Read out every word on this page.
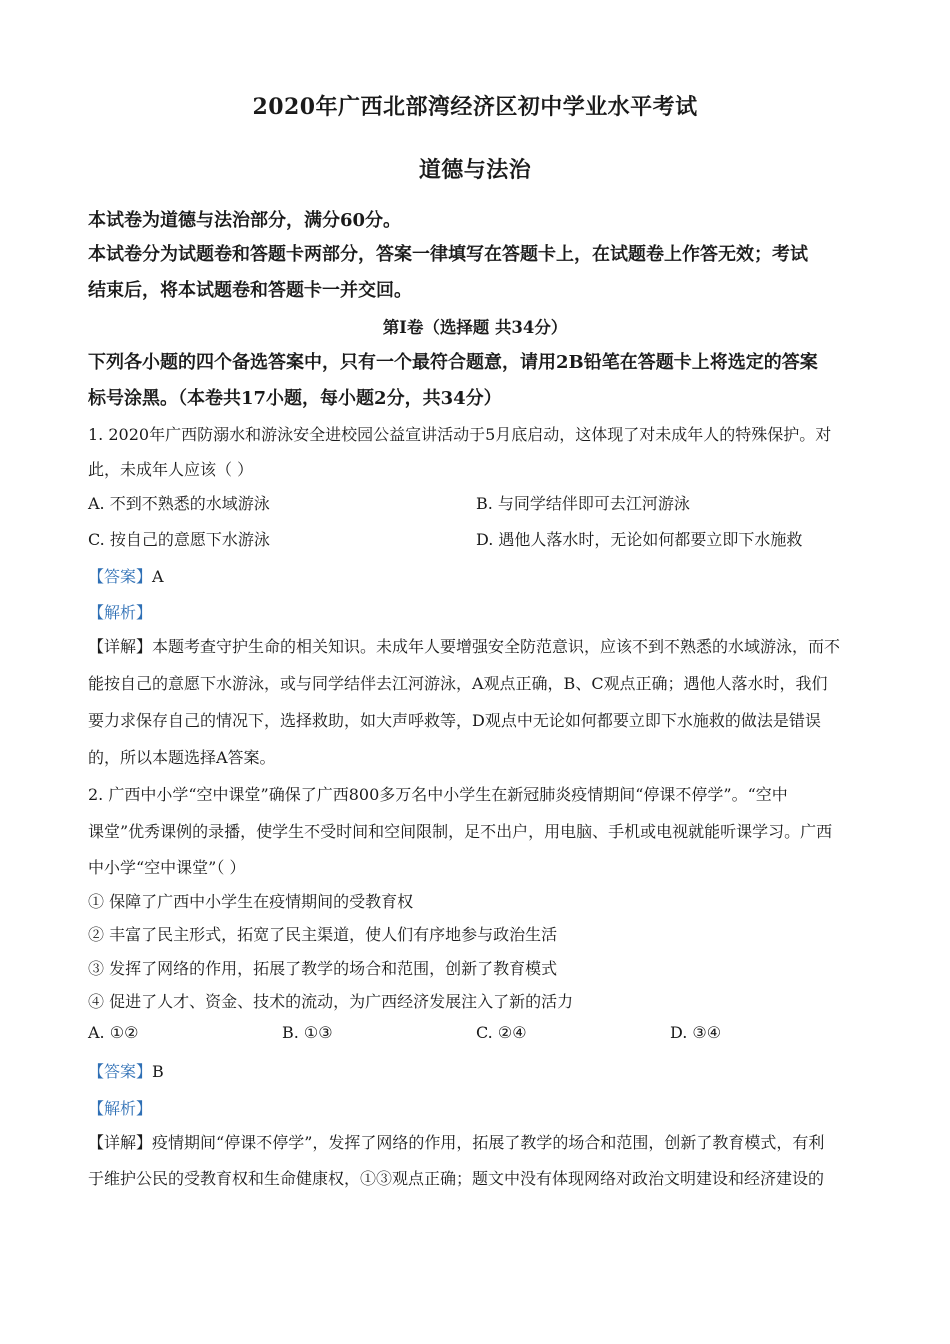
2020年广西北部湾经济区初中学业水平考试
道德与法治
本试卷为道德与法治部分，满分60分。
本试卷分为试题卷和答题卡两部分，答案一律填写在答题卡上，在试题卷上作答无效；考试
结束后，将本试题卷和答题卡一并交回。
第Ⅰ卷（选择题 共34分）
下列各小题的四个备选答案中，只有一个最符合题意，请用2B铅笔在答题卡上将选定的答案
标号涂黑。（本卷共17小题，每小题2分，共34分）
1. 2020年广西防溺水和游泳安全进校园公益宣讲活动于5月底启动，这体现了对未成年人的特殊保护。对
此，未成年人应该（ ）
A. 不到不熟悉的水域游泳	B. 与同学结伴即可去江河游泳
C. 按自己的意愿下水游泳	D. 遇他人落水时，无论如何都要立即下水施救
【答案】A
【解析】
【详解】本题考查守护生命的相关知识。未成年人要增强安全防范意识，应该不到不熟悉的水域游泳，而不
能按自己的意愿下水游泳，或与同学结伴去江河游泳，A观点正确，B、C观点正确；遇他人落水时，我们
要力求保存自己的情况下，选择救助，如大声呼救等，D观点中无论如何都要立即下水施救的做法是错误
的，所以本题选择A答案。
2. 广西中小学“空中课堂”确保了广西800多万名中小学生在新冠肺炎疫情期间“停课不停学”。“空中
课堂”优秀课例的录播，使学生不受时间和空间限制，足不出户，用电脑、手机或电视就能听课学习。广西
中小学“空中课堂”（ ）
① 保障了广西中小学生在疫情期间的受教育权
② 丰富了民主形式，拓宽了民主渠道，使人们有序地参与政治生活
③ 发挥了网络的作用，拓展了教学的场合和范围，创新了教育模式
④ 促进了人才、资金、技术的流动，为广西经济发展注入了新的活力
A. ①②	B. ①③	C. ②④	D. ③④
【答案】B
【解析】
【详解】疫情期间“停课不停学”，发挥了网络的作用，拓展了教学的场合和范围，创新了教育模式，有利
于维护公民的受教育权和生命健康权，①③观点正确；题文中没有体现网络对政治文明建设和经济建设的
